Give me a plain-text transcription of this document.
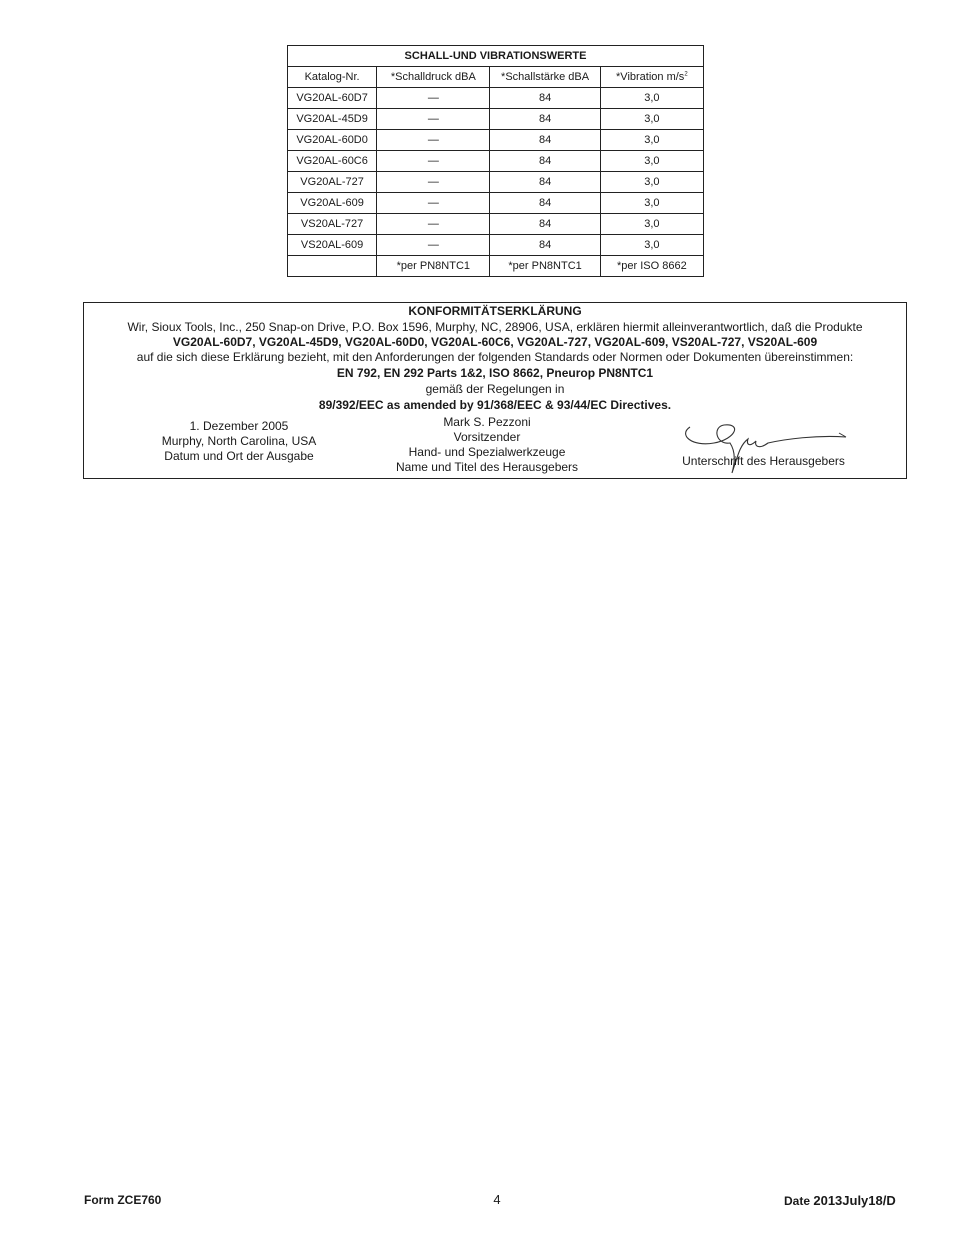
SCHALL-UND VIBRATIONSWERTE			
Katalog-Nr.	*Schalldruck dBA	*Schallstärke dBA	*Vibration $m/s^2$
VG20AL-60D7	—	84	3,0
VG20AL-45D9	—	84	3,0
VG20AL-60D0	—	84	3,0
VG20AL-60C6	—	84	3,0
VG20AL-727	—	84	3,0
VG20AL-609	—	84	3,0
VS20AL-727	—	84	3,0
VS20AL-609	—	84	3,0
	*per PN8NTC1	*per PN8NTC1	*per ISO 8662
KONFORMITÄTSERKLÄRUNG
Wir, Sioux Tools, Inc., 250 Snap-on Drive, P.O. Box 1596, Murphy, NC, 28906, USA, erklären hiermit alleinverantwortlich, daß die Produkte
VG20AL-60D7, VG20AL-45D9, VG20AL-60D0, VG20AL-60C6, VG20AL-727, VG20AL-609, VS20AL-727, VS20AL-609
auf die sich diese Erklärung bezieht, mit den Anforderungen der folgenden Standards oder Normen oder Dokumenten übereinstimmen:
EN 792, EN 292 Parts 1&2, ISO 8662, Pneurop PN8NTC1
gemäß der Regelungen in
89/392/EEC as amended by 91/368/EEC & 93/44/EC Directives.
1. Dezember 2005
Murphy, North Carolina, USA
Datum und Ort der Ausgabe
Mark S. Pezzoni
Vorsitzender
Hand- und Spezialwerkzeuge
Name und Titel des Herausgebers	Unterschrift des Herausgebers
Form ZCE760	4	Date 2013July18/D
